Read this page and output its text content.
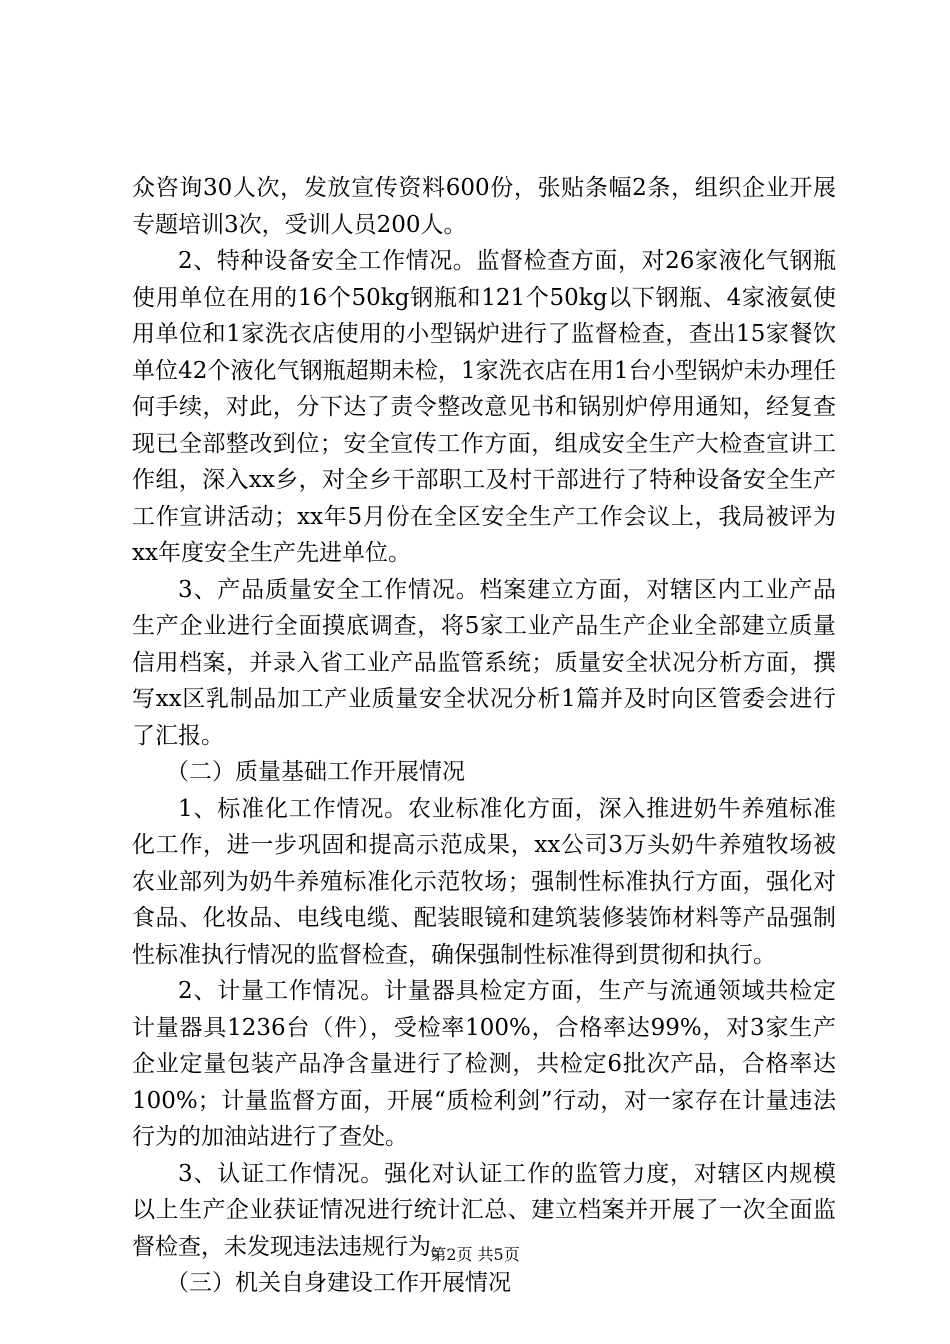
众咨询30人次，发放宣传资料600份，张贴条幅2条，组织企业开展专题培训3次，受训人员200人。

2、特种设备安全工作情况。监督检查方面，对26家液化气钢瓶使用单位在用的16个50kg钢瓶和121个50kg以下钢瓶、4家液氨使用单位和1家洗衣店使用的小型锅炉进行了监督检查，查出15家餐饮单位42个液化气钢瓶超期未检，1家洗衣店在用1台小型锅炉未办理任何手续，对此，分下达了责令整改意见书和锅别炉停用通知，经复查现已全部整改到位；安全宣传工作方面，组成安全生产大检查宣讲工作组，深入xx乡，对全乡干部职工及村干部进行了特种设备安全生产工作宣讲活动；xx年5月份在全区安全生产工作会议上，我局被评为xx年度安全生产先进单位。

3、产品质量安全工作情况。档案建立方面，对辖区内工业产品生产企业进行全面摸底调查，将5家工业产品生产企业全部建立质量信用档案，并录入省工业产品监管系统；质量安全状况分析方面，撰写xx区乳制品加工产业质量安全状况分析1篇并及时向区管委会进行了汇报。

（二）质量基础工作开展情况

1、标准化工作情况。农业标准化方面，深入推进奶牛养殖标准化工作，进一步巩固和提高示范成果，xx公司3万头奶牛养殖牧场被农业部列为奶牛养殖标准化示范牧场；强制性标准执行方面，强化对食品、化妆品、电线电缆、配装眼镜和建筑装修装饰材料等产品强制性标准执行情况的监督检查，确保强制性标准得到贯彻和执行。

2、计量工作情况。计量器具检定方面，生产与流通领域共检定计量器具1236台（件），受检率100%，合格率达99%，对3家生产企业定量包装产品净含量进行了检测，共检定6批次产品，合格率达100%；计量监督方面，开展“质检利剑”行动，对一家存在计量违法行为的加油站进行了查处。

3、认证工作情况。强化对认证工作的监管力度，对辖区内规模以上生产企业获证情况进行统计汇总、建立档案并开展了一次全面监督检查，未发现违法违规行为。

（三）机关自身建设工作开展情况

第2页 共5页
